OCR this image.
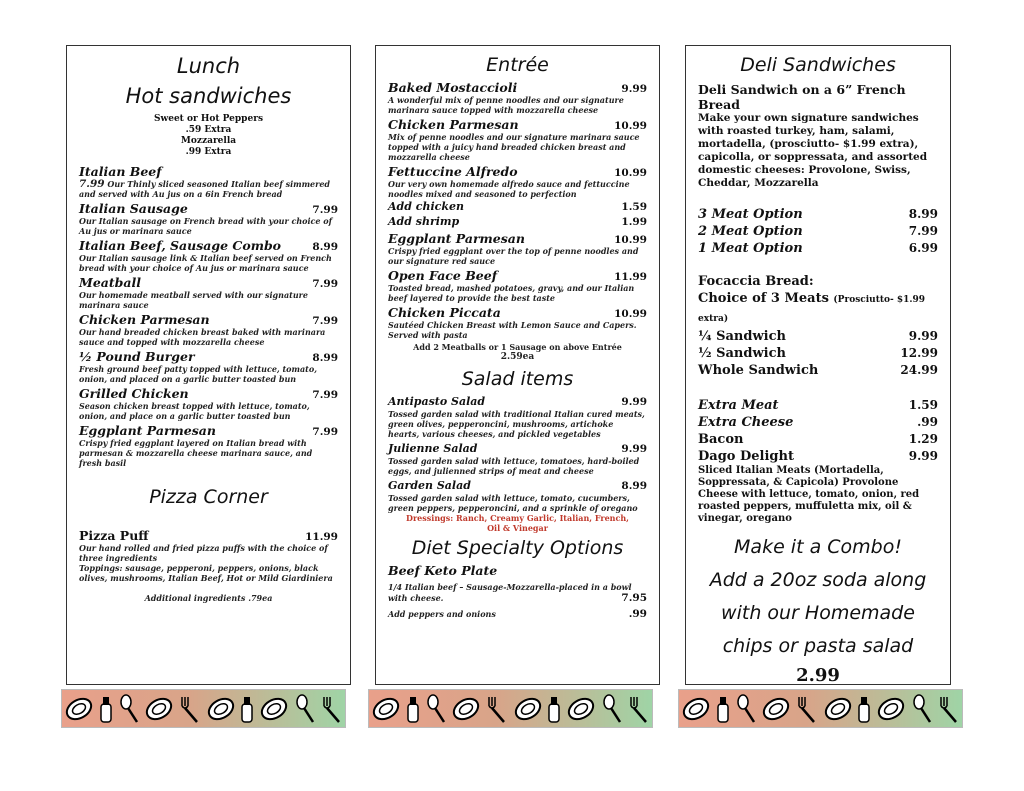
Lunch
Hot sandwiches
Sweet or Hot Peppers
.59 Extra
Mozzarella
.99 Extra
Italian Beef
7.99 Our Thinly sliced seasoned Italian beef simmered and served with Au jus on a 6in French bread
Italian Sausage	7.99
Our Italian sausage on French bread with your choice of Au jus or marinara sauce
Italian Beef, Sausage Combo	8.99
Our Italian sausage link & Italian beef served on French bread with your choice of Au jus or marinara sauce
Meatball	7.99
Our homemade meatball served with our signature marinara sauce
Chicken Parmesan	7.99
Our hand breaded chicken breast baked with marinara sauce and topped with mozzarella cheese
½ Pound Burger	8.99
Fresh ground beef patty topped with lettuce, tomato, onion, and placed on a garlic butter toasted bun
Grilled Chicken	7.99
Season chicken breast topped with lettuce, tomato, onion, and place on a garlic butter toasted bun
Eggplant Parmesan	7.99
Crispy fried eggplant layered on Italian bread with parmesan & mozzarella cheese marinara sauce, and fresh basil
Pizza Corner
Pizza Puff	11.99
Our hand rolled and fried pizza puffs with the choice of three ingredients
Toppings: sausage, pepperoni, peppers, onions, black olives, mushrooms, Italian Beef, Hot or Mild Giardiniera
Additional ingredients .79ea
Entrée
Baked Mostaccioli	9.99
A wonderful mix of penne noodles and our signature marinara sauce topped with mozzarella cheese
Chicken Parmesan	10.99
Mix of penne noodles and our signature marinara sauce topped with a juicy hand breaded chicken breast and mozzarella cheese
Fettuccine Alfredo	10.99
Our very own homemade alfredo sauce and fettuccine noodles mixed and seasoned to perfection
Add chicken	1.59
Add shrimp	1.99
Eggplant Parmesan	10.99
Crispy fried eggplant over the top of penne noodles and our signature red sauce
Open Face Beef	11.99
Toasted bread, mashed potatoes, gravy, and our Italian beef layered to provide the best taste
Chicken Piccata	10.99
Sautéed Chicken Breast with Lemon Sauce and Capers. Served with pasta
Add 2 Meatballs or 1 Sausage on above Entrée
2.59ea
Salad items
Antipasto Salad	9.99
Tossed garden salad with traditional Italian cured meats, green olives, pepperoncini, mushrooms, artichoke hearts, various cheeses, and pickled vegetables
Julienne Salad	9.99
Tossed garden salad with lettuce, tomatoes, hard-boiled eggs, and julienned strips of meat and cheese
Garden Salad	8.99
Tossed garden salad with lettuce, tomato, cucumbers, green peppers, pepperoncini, and a sprinkle of oregano
Dressings: Ranch, Creamy Garlic, Italian, French,
Oil & Vinegar
Diet Specialty Options
Beef Keto Plate
1/4 Italian beef – Sausage-Mozzarella-placed in a bowl
with cheese.	7.95
Add peppers and onions	.99
Deli Sandwiches
Deli Sandwich on a 6” French Bread
Make your own signature sandwiches with roasted turkey, ham, salami, mortadella, (prosciutto- $1.99 extra), capicolla, or soppressata, and assorted domestic cheeses: Provolone, Swiss, Cheddar, Mozzarella
3 Meat Option	8.99
2 Meat Option	7.99
1 Meat Option	6.99
Focaccia Bread:
Choice of 3 Meats (Prosciutto- $1.99 extra)
¼ Sandwich	9.99
½ Sandwich	12.99
Whole Sandwich	24.99
Extra Meat	1.59
Extra Cheese	.99
Bacon	1.29
Dago Delight	9.99
Sliced Italian Meats (Mortadella, Soppressata, & Capicola) Provolone Cheese with lettuce, tomato, onion, red roasted peppers, muffuletta mix, oil & vinegar, oregano
Make it a Combo!
Add a 20oz soda along
with our Homemade
chips or pasta salad
2.99
